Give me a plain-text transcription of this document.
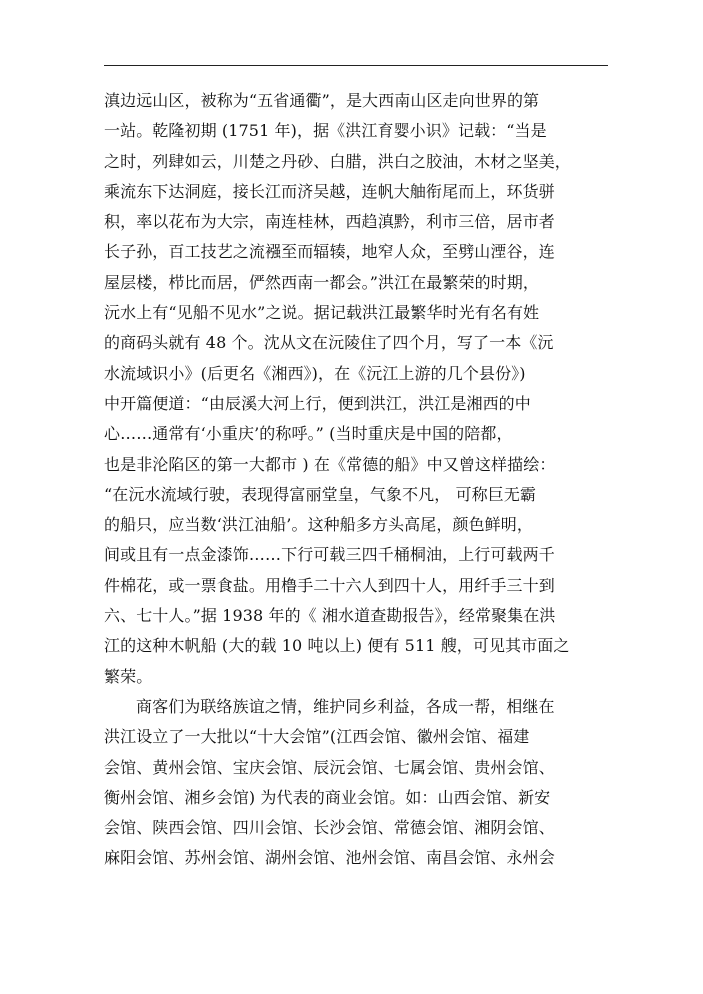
滇边远山区，被称为“五省通衢”，是大西南山区走向世界的第
一站。乾隆初期 (1751 年)，据《洪江育婴小识》记载：“当是
之时，列肆如云，川楚之丹砂、白腊，洪白之胶油，木材之坚美，
乘流东下达洞庭，接长江而济吴越，连帆大舳衔尾而上，环货骈
积，率以花布为大宗，南连桂林，西趋滇黔，利市三倍，居市者
长子孙，百工技艺之流襁至而辐辏，地窄人众，至劈山湮谷，连
屋层楼，栉比而居，俨然西南一都会。”洪江在最繁荣的时期，
沅水上有“见船不见水”之说。据记载洪江最繁华时光有名有姓
的商码头就有 48 个。沈从文在沅陵住了四个月，写了一本《沅
水流域识小》(后更名《湘西》)，在《沅江上游的几个县份》)
中开篇便道：“由辰溪大河上行，便到洪江，洪江是湘西的中
心……通常有‘小重庆’的称呼。” (当时重庆是中国的陪都，
也是非沦陷区的第一大都市 ) 在《常德的船》中又曾这样描绘：
“在沅水流域行驶，表现得富丽堂皇，气象不凡， 可称巨无霸
的船只，应当数‘洪江油船’。这种船多方头高尾，颜色鲜明，
间或且有一点金漆饰……下行可载三四千桶桐油，上行可载两千
件棉花，或一票食盐。用橹手二十六人到四十人，用纤手三十到
六、七十人。”据 1938 年的《 湘水道查勘报告》，经常聚集在洪
江的这种木帆船 (大的载 10 吨以上) 便有 511 艘，可见其市面之
繁荣。
商客们为联络族谊之情，维护同乡利益，各成一帮，相继在
洪江设立了一大批以“十大会馆”(江西会馆、徽州会馆、福建
会馆、黄州会馆、宝庆会馆、辰沅会馆、七属会馆、贵州会馆、
衡州会馆、湘乡会馆) 为代表的商业会馆。如：山西会馆、新安
会馆、陕西会馆、四川会馆、长沙会馆、常德会馆、湘阴会馆、
麻阳会馆、苏州会馆、湖州会馆、池州会馆、南昌会馆、永州会
